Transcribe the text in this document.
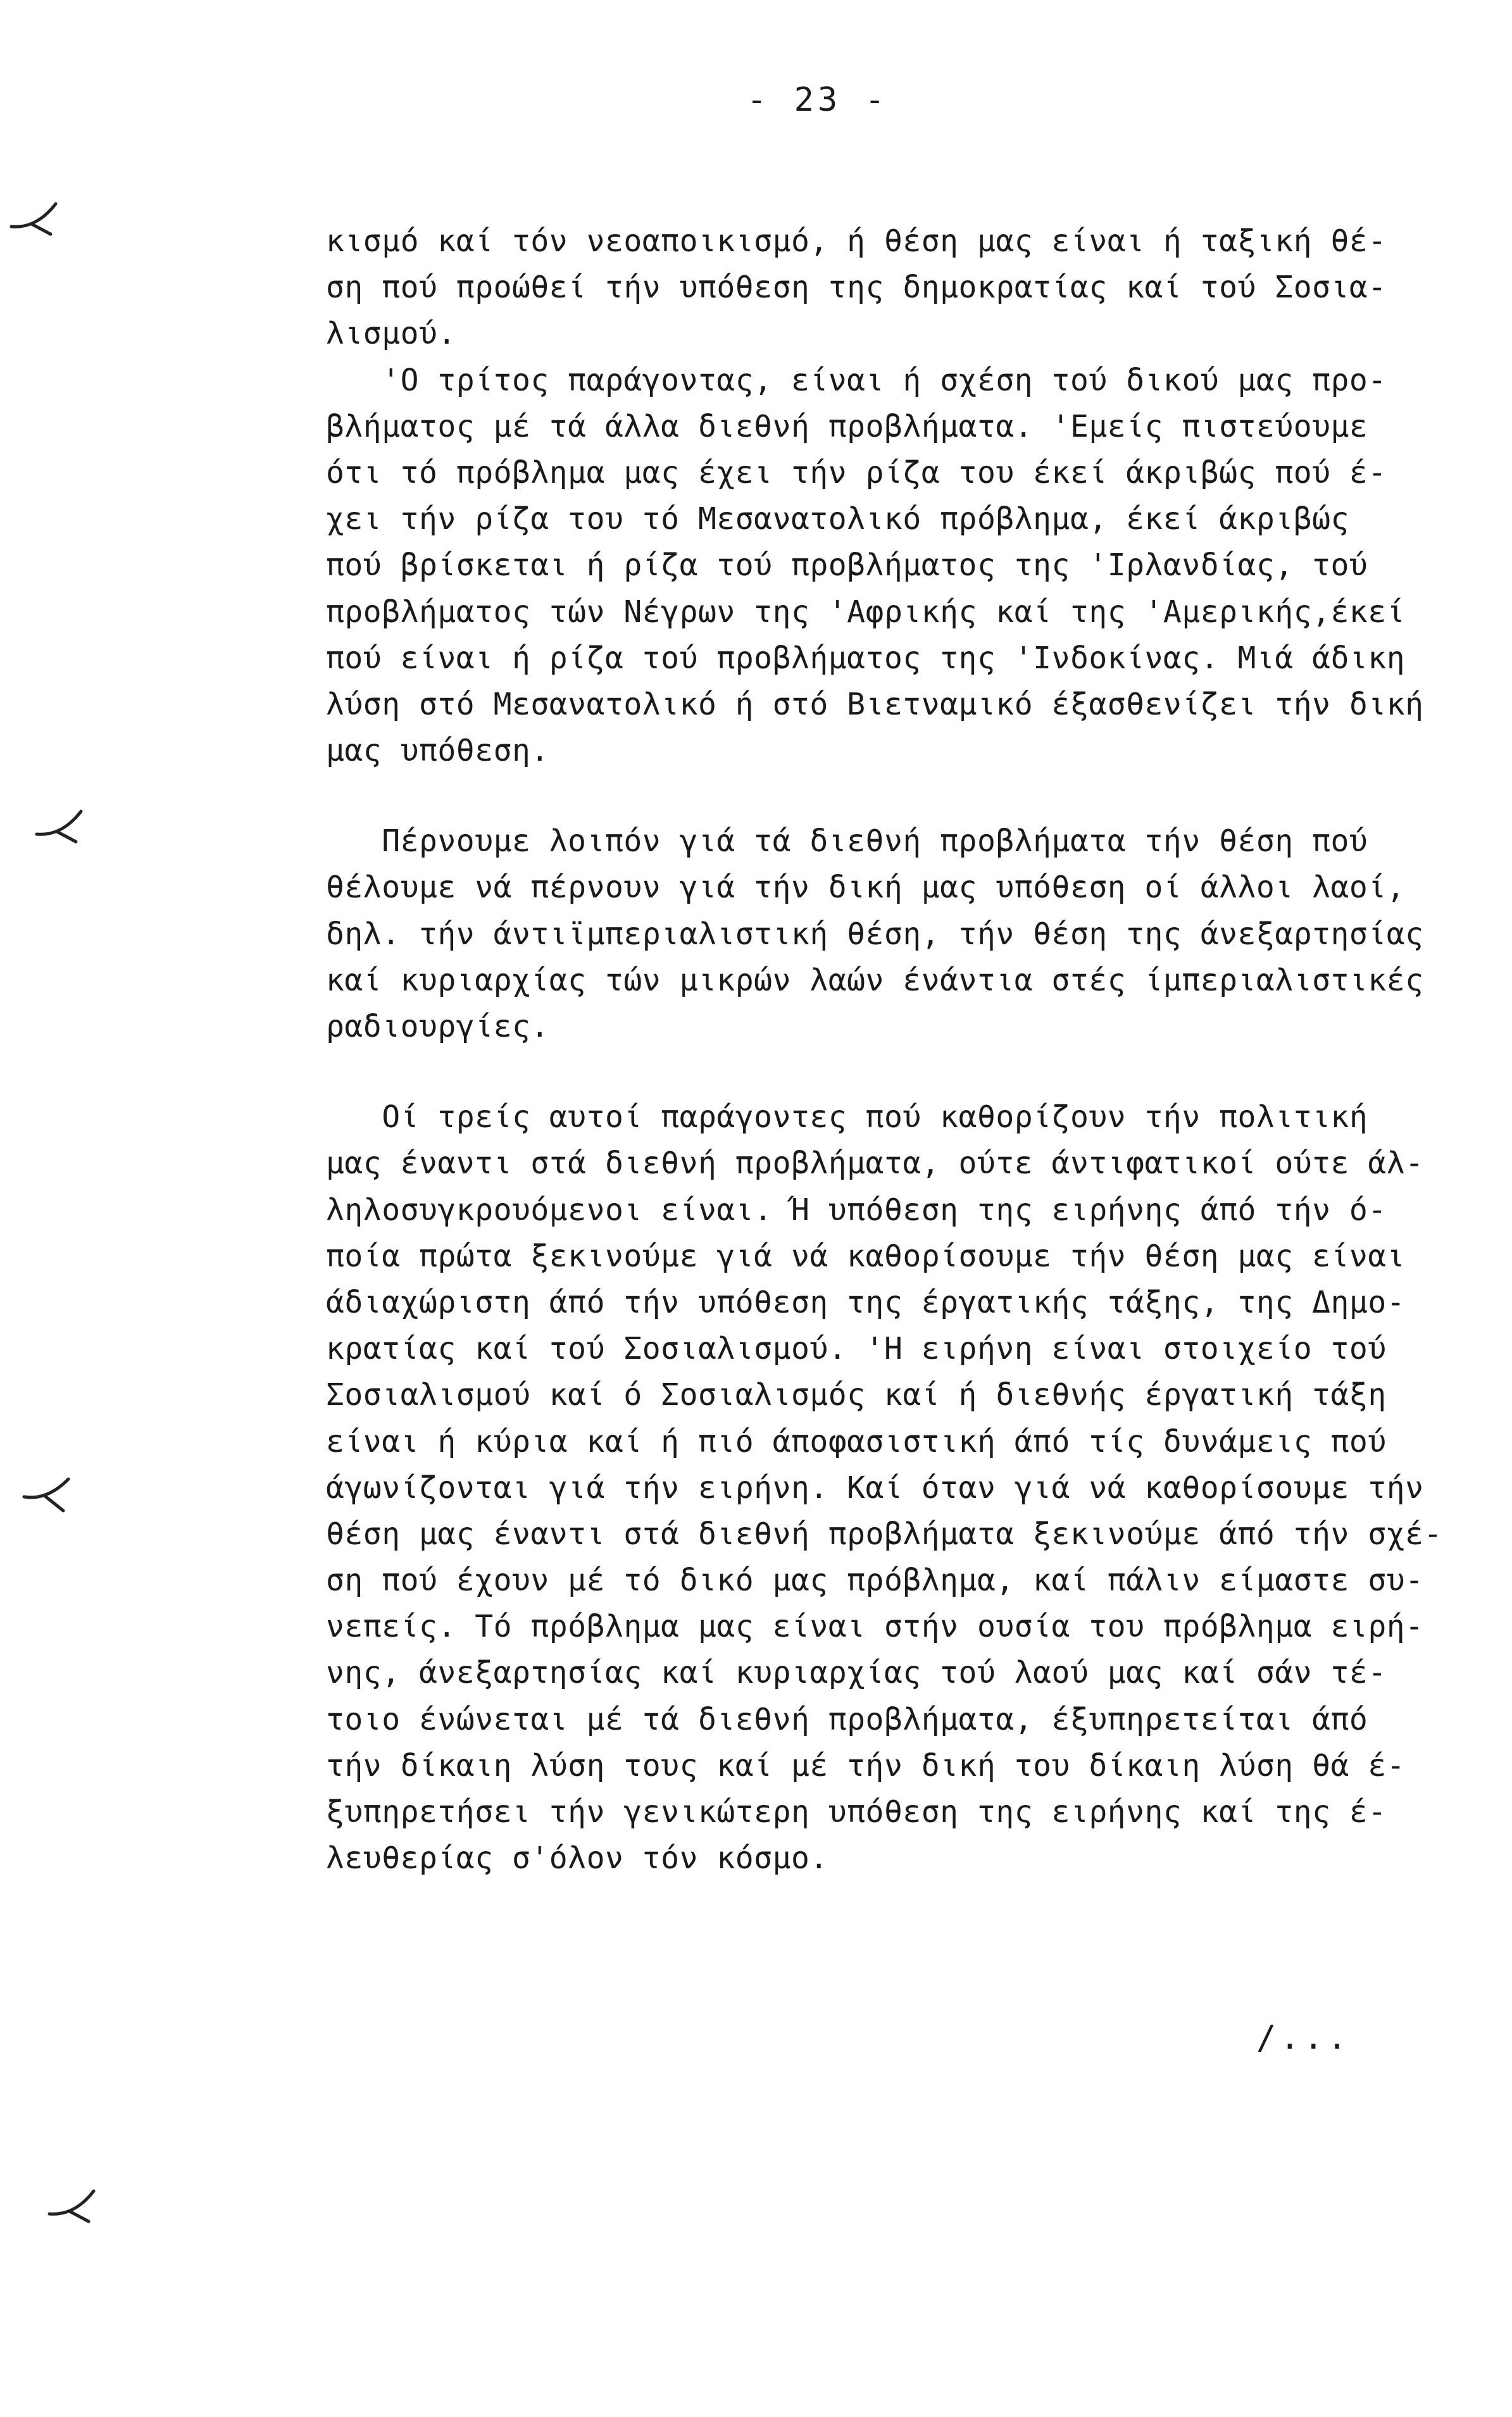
- 23 -
κισμό καί τόν νεοαποικισμό, ή θέση μας είναι ή ταξική θέ-
ση πού προώθεί τήν υπόθεση της δημοκρατίας καί τού Σοσια-
λισμού.
'Ο τρίτος παράγοντας, είναι ή σχέση τού δικού μας προ-
βλήματος μέ τά άλλα διεθνή προβλήματα. 'Εμείς πιστεύουμε
ότι τό πρόβλημα μας έχει τήν ρίζα του έκεί άκριβώς πού έ-
χει τήν ρίζα του τό Μεσανατολικό πρόβλημα, έκεί άκριβώς
πού βρίσκεται ή ρίζα τού προβλήματος της 'Ιρλανδίας, τού
προβλήματος τών Νέγρων της 'Αφρικής καί της 'Αμερικής,έκεί
πού είναι ή ρίζα τού προβλήματος της 'Ινδοκίνας. Μιά άδικη
λύση στό Μεσανατολικό ή στό Βιετναμικό έξασθενίζει τήν δική
μας υπόθεση.
Πέρνουμε λοιπόν γιά τά διεθνή προβλήματα τήν θέση πού
θέλουμε νά πέρνουν γιά τήν δική μας υπόθεση οί άλλοι λαοί,
δηλ. τήν άντιϊμπεριαλιστική θέση, τήν θέση της άνεξαρτησίας
καί κυριαρχίας τών μικρών λαών ένάντια στές ίμπεριαλιστικές
ραδιουργίες.
Οί τρείς αυτοί παράγοντες πού καθορίζουν τήν πολιτική
μας έναντι στά διεθνή προβλήματα, ούτε άντιφατικοί ούτε άλ-
ληλοσυγκρουόμενοι είναι. Ή υπόθεση της ειρήνης άπό τήν ό-
ποία πρώτα ξεκινούμε γιά νά καθορίσουμε τήν θέση μας είναι
άδιαχώριστη άπό τήν υπόθεση της έργατικής τάξης, της Δημο-
κρατίας καί τού Σοσιαλισμού. 'Η ειρήνη είναι στοιχείο τού
Σοσιαλισμού καί ό Σοσιαλισμός καί ή διεθνής έργατική τάξη
είναι ή κύρια καί ή πιό άποφασιστική άπό τίς δυνάμεις πού
άγωνίζονται γιά τήν ειρήνη. Καί όταν γιά νά καθορίσουμε τήν
θέση μας έναντι στά διεθνή προβλήματα ξεκινούμε άπό τήν σχέ-
ση πού έχουν μέ τό δικό μας πρόβλημα, καί πάλιν είμαστε συ-
νεπείς. Τό πρόβλημα μας είναι στήν ουσία του πρόβλημα ειρή-
νης, άνεξαρτησίας καί κυριαρχίας τού λαού μας καί σάν τέ-
τοιο ένώνεται μέ τά διεθνή προβλήματα, έξυπηρετείται άπό
τήν δίκαιη λύση τους καί μέ τήν δική του δίκαιη λύση θά έ-
ξυπηρετήσει τήν γενικώτερη υπόθεση της ειρήνης καί της έ-
λευθερίας σ'όλον τόν κόσμο.
/...
